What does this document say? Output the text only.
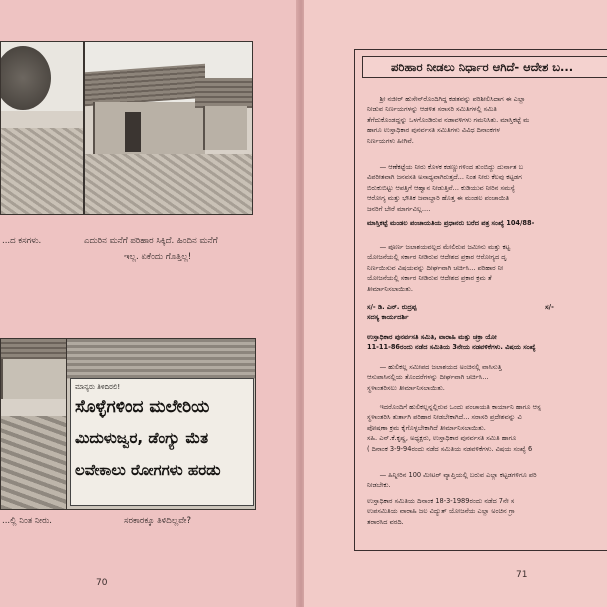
...ದ ಕಸಗಳು.	ಎದುರಿನ ಮನೆಗೆ ಪರಿಹಾರ ಸಿಕ್ಕಿದೆ. ಹಿಂದಿನ ಮನೆಗೆ
ಇಲ್ಲ. ಏಕೆಂದು ಗೊತ್ತಿಲ್ಲ!
ಮಾನ್ಯರು ತಿಳಿದಿರಲಿ!
ಸೊಳ್ಳೆಗಳಿಂದ ಮಲೇರಿಯ
ಮಿದುಳುಜ್ವರ, ಡೆಂಗ್ಯು ಮೆತ
ಲವೇಕಾಲು ರೋಗಗಳು ಹರಡು
...ಲ್ಲಿ ನಿಂತ ನೀರು.	ಸರಕಾರಕ್ಕೂ ತಿಳಿದಿಲ್ಲವೇ?
70
ಪರಿಹಾರ ನೀಡಲು ನಿರ್ಧಾರ ಆಗಿದೆ- ಆದೇಶ ಬ...
ಶ್ರೀ ನಜೀರ್ ಹುಸೇನ್‌ರೊಂದಿಗಿದ್ದ ಕಡತವನ್ನು ಪರಿಶೀಲಿಸಿದಾಗ ಈ ಎಲ್ಲಾ
ನೀಡುವ ನಿರ್ಣಯಗಳನ್ನು ಆಡಳಿತ ಸರಾಸರಿ ಸಮಿತಿಗಳಲ್ಲಿ ಸಮಿತಿ
ತೆಗೆದುಕೊಂಡದ್ದನ್ನು ಒಳಗೊಂಡಿರುವ ನಡಾವಳಿಗಳು ಗಮನಿಸಿತು. ಮಾಸ್ತಿಕಟ್ಟೆ ಮ
ಹಾಗೂ ಉಸ್ತಾಧಿಕಾರ ಪುನರ್ವಸತಿ ಸಮಿತಿಗಳು ವಿವಿಧ ದಿನಾಂಕಗಳ
ನಿರ್ಣಯಗಳು ಹೀಗಿವೆ.
— ಆಣೆಕಟ್ಟೆಯ ನೀರು ಕೊಳಕ ಕಡಣ್ಣುಗಳಿಂದ ತುಂಬಿದ್ದು ದುರ್ನಾತ ಬ
ವಿಪರೀತವಾಗಿ ಜನವಸತಿ ಅಸಾಧ್ಯವಾಗಿರುತ್ತದೆ... ನಿಂತ ನೀರು ಕೆಲವು ಕಟ್ಟಡಗ
ಬಿರುಕುಬಿಟ್ಟು ಆಪತ್ತಿಗೆ ಆಹ್ವಾನ ನೀಡುತ್ತಿವೆ... ಕುಡಿಯುವ ನೀರಿನ ಸಮಸ್ಯೆ
ಆರೋಗ್ಯ ಮತ್ತು ಭೌತಿಕ ಜವಾಬ್ದಾರಿ ಹೊತ್ತ ಈ ಮಂಡಲ ಪಂಚಾಯಿತಿ
ಜನರಿಗೆ ಬೇರೆ ಮಾರ್ಗವಿಲ್ಲ....
ಮಾಸ್ತಿಕಟ್ಟೆ ಮಂಡಲ ಪಂಚಾಯತಿಯ ಪ್ರಧಾನರು ಬರೆದ ಪತ್ರ ಸಂಖ್ಯೆ 104/88-
— ಪೂರ್ಣ ಜಲಾಶಯವಲ್ಲದ ಮೇಲಿರುವ ಜಮೀನು ಮತ್ತು ಕಟ್ಟ
ಯೋಜನೆಯಲ್ಲಿ ಸರ್ಕಾರ ನೀಡಿರುವ ಆದೇಶದ ಪ್ರಕಾರ ಆರೋಗ್ಯದ ದೃ
ನಿರ್ಣಯಿಸುವ ವಿಷಯವನ್ನು ದೀರ್ಘವಾಗಿ ಚರ್ಚಿಸಿ... ಪರಿಹಾರ ನೀ
ಯೋಜನೆಯಲ್ಲಿ ಸರ್ಕಾರ ನೀಡಿರುವ ಆದೇಶದ ಪ್ರಕಾರ ಕ್ರಮ ತೆ
ತೀರ್ಮಾನಿಸಲಾಯಿತು.
ಸ/- ಡಿ. ಎನ್. ರುದ್ರಪ್ಪ                                                        ಸ/-
ಸದಸ್ಯ ಕಾರ್ಯದರ್ಶಿ
ಉಸ್ತಾಧಿಕಾರ ಪುನರ್ವಸತಿ ಸಮಿತಿ, ವಾರಾಹಿ ಮತ್ತು ಚಕ್ರಾ ಯೋ
11-11-86ರಂದು ನಡೆದ ಸಮಿತಿಯ 3ನೇಯ ನಡವಳಿಕೆಗಳು. ವಿಷಯ ಸಂಖ್ಯೆ
— ಹುಲಿಕಲ್ಲ ಸಮೀಪದ ಜಲಾಶಯದ ಅಂಚಿನಲ್ಲಿ ವಾಸಿಸುತ್ತಿ
ಆಸುಪಾಸಿನಲ್ಲಿಯ ತೊಂದರೆಗಳನ್ನು ದೀರ್ಘವಾಗಿ ಚರ್ಚಿಸಿ...
ಸ್ಥಳಾಂತರಿಸಲು ತೀರ್ಮಾನಿಸಲಾಯಿತು.
ಇದರೊಂದಿಗೆ ಹುಲಿಕಲ್ಲನ್ನಲ್ಲಿರುವ ಒಂದು ಪಂಚಾಯತಿ ಕಾರ್ಯಾನಿ ಹಾಗೂ ಆಸ್ಪ
ಸ್ಥಳಾಂತರಿಸಿ ತುರ್ತಾಗಿ ಪರಿಹಾರ ನೀಡಬೇಕಾಗಿದೆ... ಸರಾಸರಿ ಪ್ರದೇಶವನ್ನು ವಿ
ಪೋಷಣಾ ಕ್ರಮ ಕೈಗೊಳ್ಳಬೇಕಾಗಿದೆ ತೀರ್ಮಾನಿಸಲಾಯಿತು.
ಸಹಿ. ಎನ್.ಕೆ.ಕೃಷ್ಣ, ಅಧ್ಯಕ್ಷರು, ಉಸ್ತಾಧಿಕಾರ ಪುನರ್ವಸತಿ ಸಮಿತಿ ಹಾಗೂ
( ದಿನಾಂಕ 3-9-94ರಂದು ನಡೆದ ಸಮಿತಿಯ ನಡವಳಿಕೆಗಳು. ವಿಷಯ ಸಂಖ್ಯೆ 6
— ಹಿನ್ನೀರಿನ 100 ಮೀಟರ್ ವ್ಯಾಪ್ತಿಯಲ್ಲಿ ಬರುವ ಎಲ್ಲಾ ಕಟ್ಟಡಗಳಿಗೂ ಪರಿ
ನೀಡಬೇಕು.
ಉಸ್ತಾಧಿಕಾರ ಸಮಿತಿಯ ದಿನಾಂಕ 18-3-1989ರಂದು ನಡೆದ 7ನೇ ಸ
ಉಪಸಮಿತಿಯ ವಾರಾಹಿ ಜಲ ವಿದ್ಯುತ್ ಯೋಜನೆಯ ಎಲ್ಲಾ ಅಂಚಿನ ಗ್ರಾ
ತರಾರಸಿದ ವರದಿ.
71
